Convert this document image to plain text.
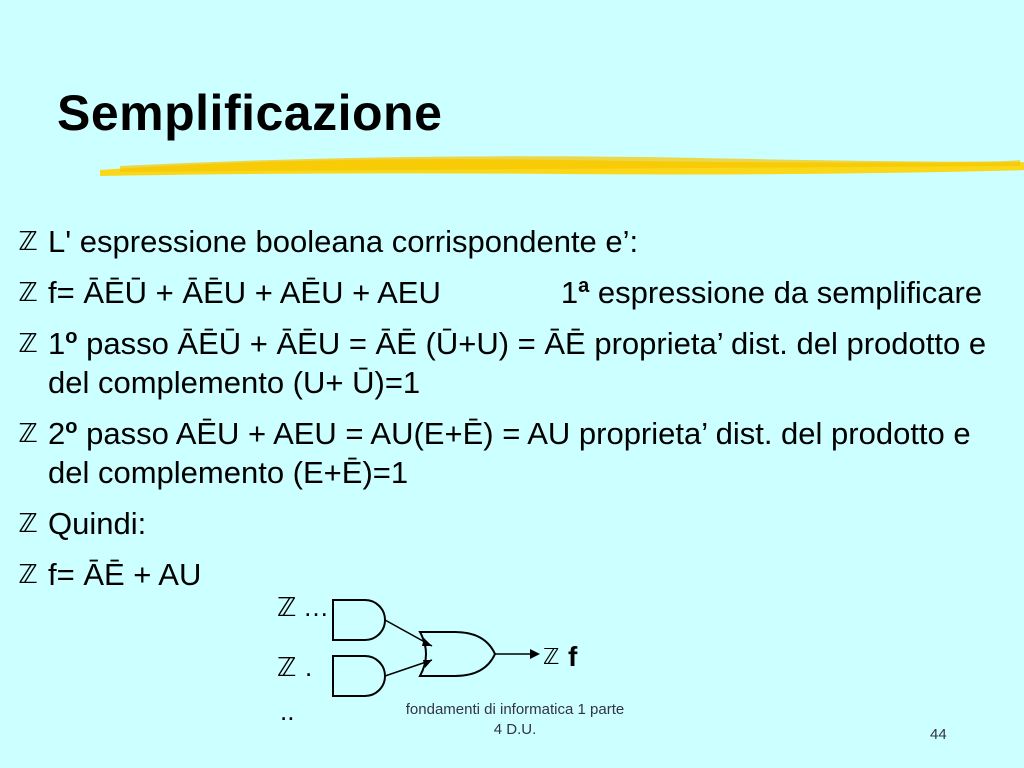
Semplificazione
ℤ L' espressione booleana corrispondente e’:
ℤ f= ĀĒŪ + ĀĒU + AĒU + AEU	1$^a$ espressione da semplificare
ℤ 1$^o$ passo ĀĒŪ + ĀĒU = ĀĒ (Ū+U) = ĀĒ proprieta’ dist. del prodotto e del complemento (U+ Ū)=1
ℤ 2$^o$ passo AĒU + AEU = AU(E+Ē) = AU proprieta’ dist. del prodotto e del complemento (E+Ē)=1
ℤ Quindi:
ℤ f= ĀĒ + AU
ℤ …
ℤ .
..
ℤ f
fondamenti di informatica 1 parte
4 D.U.	44
